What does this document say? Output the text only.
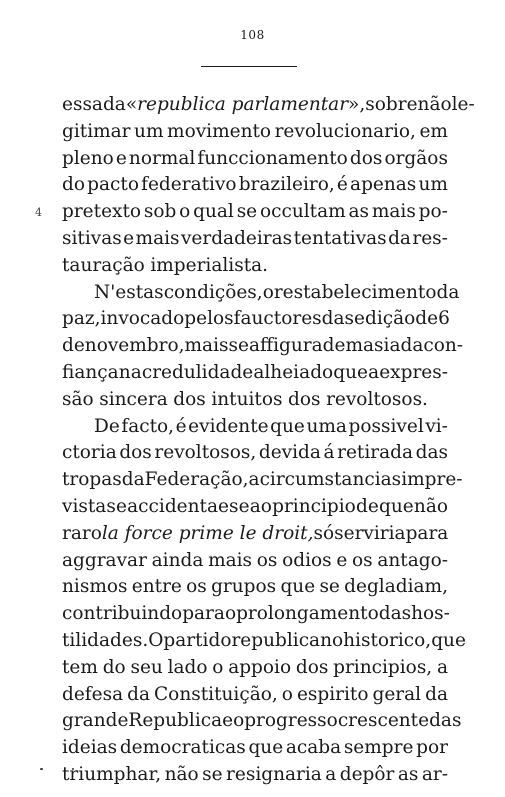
108
4
essa da «republica parlamentar», sobre não le-
gitimar um movimento revolucionario, em
pleno e normal funccionamento dos orgãos
do pacto federativo brazileiro, é apenas um
pretexto sob o qual se occultam as mais po-
sitivas e mais verdadeiras tentativas da res-
tauração imperialista.
N'estas condições, o restabelecimento da
paz, invocado pelos fauctores da sedição de 6
de novembro, mais se affigura demasiada con-
fiança na credulidade alheia do que a expres-
são sincera dos intuitos dos revoltosos.
De facto, é evidente que uma possivel vi-
ctoria dos revoltosos, devida á retirada das
tropas da Federação, a circumstancias impre-
vistas e accidentaes e ao principio de que não
raro la force prime le droit, só serviria para
aggravar ainda mais os odios e os antago-
nismos entre os grupos que se degladiam,
contribuindo para o prolongamento das hos-
tilidades. O partido republicano historico, que
tem do seu lado o appoio dos principios, a
defesa da Constituição, o espirito geral da
grande Republica e o progresso crescente das
ideias democraticas que acaba sempre por
triumphar, não se resignaria a depôr as ar-
